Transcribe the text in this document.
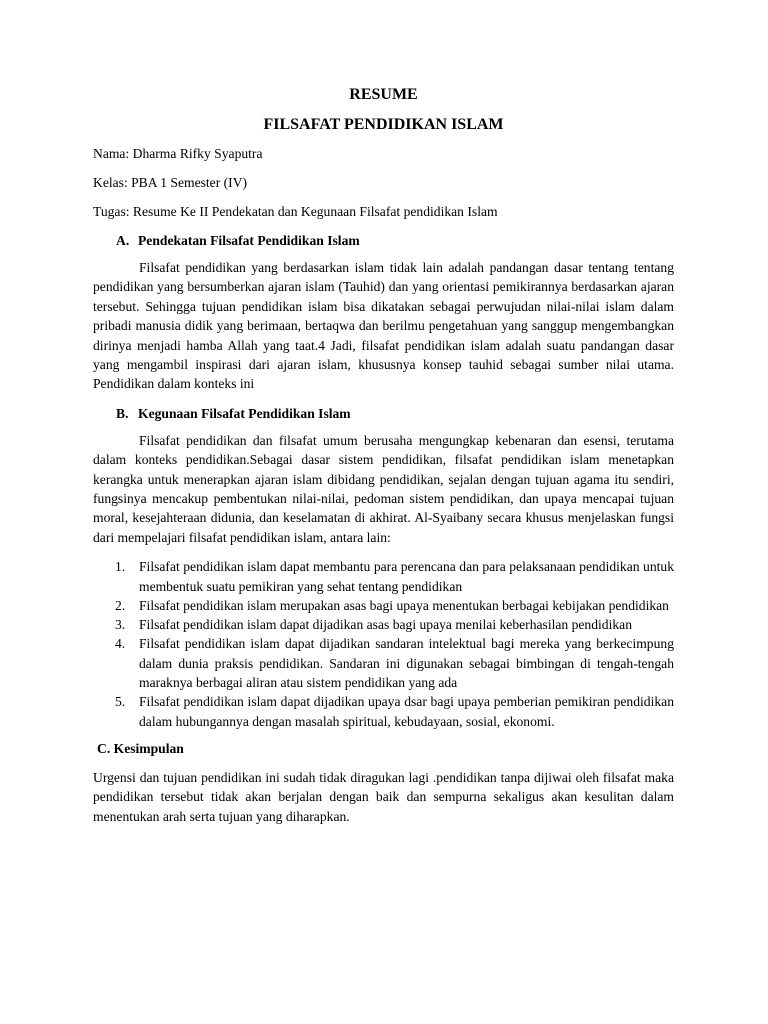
RESUME

FILSAFAT PENDIDIKAN ISLAM

Nama: Dharma Rifky Syaputra

Kelas: PBA 1 Semester (IV)

Tugas: Resume Ke II Pendekatan dan Kegunaan Filsafat pendidikan Islam

A. Pendekatan Filsafat Pendidikan Islam

Filsafat pendidikan yang berdasarkan islam tidak lain adalah pandangan dasar tentang tentang pendidikan yang bersumberkan ajaran islam (Tauhid) dan yang orientasi pemikirannya berdasarkan ajaran tersebut. Sehingga tujuan pendidikan islam bisa dikatakan sebagai perwujudan nilai-nilai islam dalam pribadi manusia didik yang berimaan, bertaqwa dan berilmu pengetahuan yang sanggup mengembangkan dirinya menjadi hamba Allah yang taat.4 Jadi, filsafat pendidikan islam adalah suatu pandangan dasar yang mengambil inspirasi dari ajaran islam, khususnya konsep tauhid sebagai sumber nilai utama. Pendidikan dalam konteks ini

B. Kegunaan Filsafat Pendidikan Islam

Filsafat pendidikan dan filsafat umum berusaha mengungkap kebenaran dan esensi, terutama dalam konteks pendidikan.Sebagai dasar sistem pendidikan, filsafat pendidikan islam menetapkan kerangka untuk menerapkan ajaran islam dibidang pendidikan, sejalan dengan tujuan agama itu sendiri, fungsinya mencakup pembentukan nilai-nilai, pedoman sistem pendidikan, dan upaya mencapai tujuan moral, kesejahteraan didunia, dan keselamatan di akhirat. Al-Syaibany secara khusus menjelaskan fungsi dari mempelajari filsafat pendidikan islam, antara lain:

1. Filsafat pendidikan islam dapat membantu para perencana dan para pelaksanaan pendidikan untuk membentuk suatu pemikiran yang sehat tentang pendidikan
2. Filsafat pendidikan islam merupakan asas bagi upaya menentukan berbagai kebijakan pendidikan
3. Filsafat pendidikan islam dapat dijadikan asas bagi upaya menilai keberhasilan pendidikan
4. Filsafat pendidikan islam dapat dijadikan sandaran intelektual bagi mereka yang berkecimpung dalam dunia praksis pendidikan. Sandaran ini digunakan sebagai bimbingan di tengah-tengah maraknya berbagai aliran atau sistem pendidikan yang ada
5. Filsafat pendidikan islam dapat dijadikan upaya dsar bagi upaya pemberian pemikiran pendidikan dalam hubungannya dengan masalah spiritual, kebudayaan, sosial, ekonomi.

C. Kesimpulan

Urgensi dan tujuan pendidikan ini sudah tidak diragukan lagi .pendidikan tanpa dijiwai oleh filsafat maka pendidikan tersebut tidak akan berjalan dengan baik dan sempurna sekaligus akan kesulitan dalam menentukan arah serta tujuan yang diharapkan.
